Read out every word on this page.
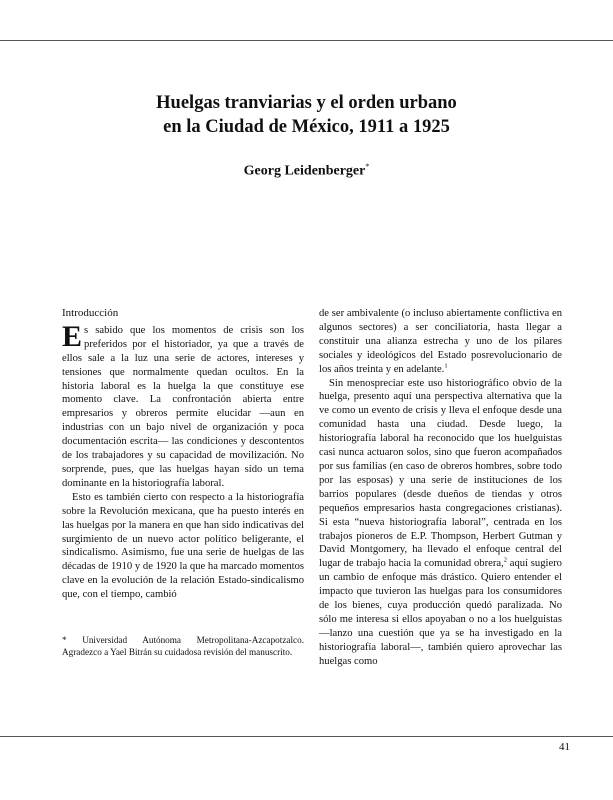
Huelgas tranviarias y el orden urbano
en la Ciudad de México, 1911 a 1925

Georg Leidenberger*

Introducción

Es sabido que los momentos de crisis son los preferidos por el historiador, ya que a través de ellos sale a la luz una serie de actores, intereses y tensiones que normalmente quedan ocultos. En la historia laboral es la huelga la que constituye ese momento clave. La confrontación abierta entre empresarios y obreros permite elucidar —aun en industrias con un bajo nivel de organización y poca documentación escrita— las condiciones y descontentos de los trabajadores y su capacidad de movilización. No sorprende, pues, que las huelgas hayan sido un tema dominante en la historiografía laboral.

Esto es también cierto con respecto a la historiografía sobre la Revolución mexicana, que ha puesto interés en las huelgas por la manera en que han sido indicativas del surgimiento de un nuevo actor político beligerante, el sindicalismo. Asimismo, fue una serie de huelgas de las décadas de 1910 y de 1920 la que ha marcado momentos clave en la evolución de la relación Estado-sindicalismo que, con el tiempo, cambió

de ser ambivalente (o incluso abiertamente conflictiva en algunos sectores) a ser conciliatoria, hasta llegar a constituir una alianza estrecha y uno de los pilares sociales y ideológicos del Estado posrevolucionario de los años treinta y en adelante.$^1$

Sin menospreciar este uso historiográfico obvio de la huelga, presento aquí una perspectiva alternativa que la ve como un evento de crisis y lleva el enfoque desde una comunidad hasta una ciudad. Desde luego, la historiografía laboral ha reconocido que los huelguistas casi nunca actuaron solos, sino que fueron acompañados por sus familias (en caso de obreros hombres, sobre todo por las esposas) y una serie de instituciones de los barrios populares (desde dueños de tiendas y otros pequeños empresarios hasta congregaciones cristianas). Si esta “nueva historiografía laboral”, centrada en los trabajos pioneros de E.P. Thompson, Herbert Gutman y David Montgomery, ha llevado el enfoque central del lugar de trabajo hacia la comunidad obrera,$^2$ aquí sugiero un cambio de enfoque más drástico. Quiero entender el impacto que tuvieron las huelgas para los consumidores de los bienes, cuya producción quedó paralizada. No sólo me interesa si ellos apoyaban o no a los huelguistas —lanzo una cuestión que ya se ha investigado en la historiografía laboral—, también quiero aprovechar las huelgas como

* Universidad Autónoma Metropolitana-Azcapotzalco. Agradezco a Yael Bitrán su cuidadosa revisión del manuscrito.

41
